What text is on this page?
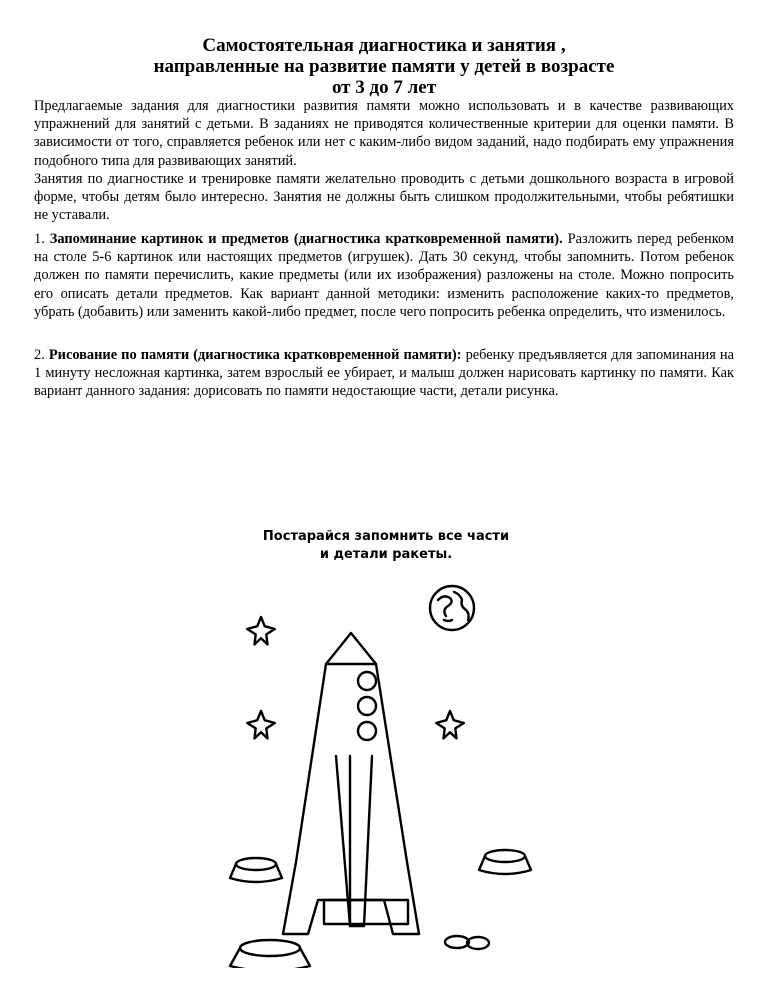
Самостоятельная диагностика и занятия ,
направленные на развитие памяти у детей в возрасте
от 3 до 7 лет

Предлагаемые задания для диагностики развития памяти можно использовать и в качестве развивающих упражнений для занятий с детьми. В заданиях не приводятся количественные критерии для оценки памяти. В зависимости от того, справляется ребенок или нет с каким-либо видом заданий, надо подбирать ему упражнения подобного типа для развивающих занятий.

Занятия по диагностике и тренировке памяти желательно проводить с детьми дошкольного возраста в игровой форме, чтобы детям было интересно. Занятия не должны быть слишком продолжительными, чтобы ребятишки не уставали.

1. Запоминание картинок и предметов (диагностика кратковременной памяти). Разложить перед ребенком на столе 5-6 картинок или настоящих предметов (игрушек). Дать 30 секунд, чтобы запомнить. Потом ребенок должен по памяти перечислить, какие предметы (или их изображения) разложены на столе. Можно попросить его описать детали предметов. Как вариант данной методики: изменить расположение каких-то предметов, убрать (добавить) или заменить какой-либо предмет, после чего попросить ребенка определить, что изменилось.

2. Рисование по памяти (диагностика кратковременной памяти): ребенку предъявляется для запоминания на 1 минуту несложная картинка, затем взрослый ее убирает, и малыш должен нарисовать картинку по памяти. Как вариант данного задания: дорисовать по памяти недостающие части, детали рисунка.

Постарайся запомнить все части
и детали ракеты.
